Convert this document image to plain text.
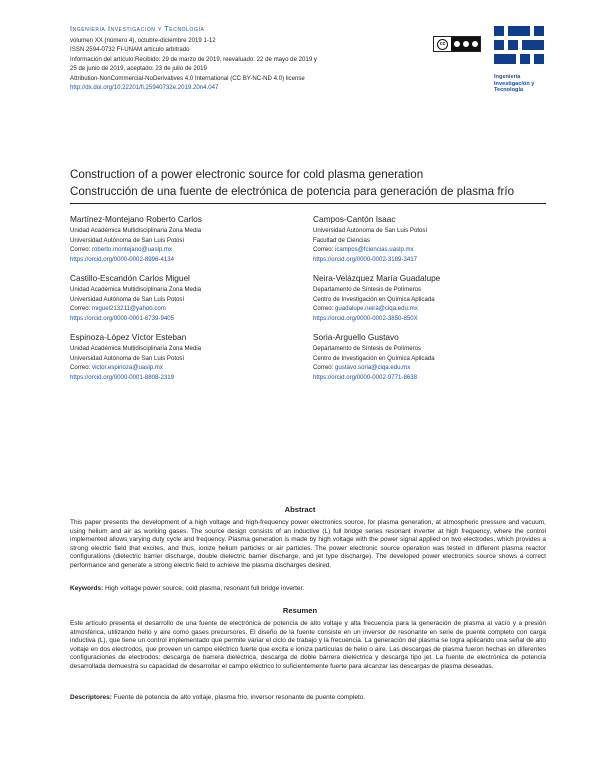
Ingeniería Investigación y Tecnología
volumen XX (número 4), octubre-diciembre 2019 1-12
ISSN 2594-0732 FI-UNAM artículo arbitrado
Información del artículo:Recibido: 29 de marzo de 2019, reevaluado: 22 de mayo de 2019 y
25 de junio de 2019, aceptado: 23 de julio de 2019
Attribution-NonCommercial-NoDerivatives 4.0 International (CC BY-NC-ND 4.0) license
http://dx.doi.org/10.22201/fi.25940732e.2019.20n4.047
cc
Ingeniería
Investigación y
Tecnología
Construction of a power electronic source for cold plasma generation
Construcción de una fuente de electrónica de potencia para generación de plasma frío
Martínez-Montejano Roberto Carlos
Unidad Académica Multidisciplinaria Zona Media
Universidad Autónoma de San Luis Potosí
Correo: roberto.montejano@uaslp.mx
https://orcid.org/0000-0002-8996-4134
Castillo-Escandón Carlos Miguel
Unidad Académica Multidisciplinaria Zona Media
Universidad Autónoma de San Luis Potosí
Correo: miguel213211@yahoo.com
https://orcid.org/0000-0001-6739-9405
Espinoza-López Víctor Esteban
Unidad Académica Multidisciplinaria Zona Media
Universidad Autónoma de San Luis Potosí
Correo: victor.espinoza@uaslp.mx
https://orcid.org/0000-0001-8808-2319
Campos-Cantón Isaac
Universidad Autónoma de San Luis Potosí
Facultad de Ciencias
Correo: icampos@fciencias.uaslp.mx
https://orcid.org/0000-0002-3189-3417
Neira-Velázquez María Guadalupe
Departamento de Síntesis de Polímeros
Centro de Investigación en Química Aplicada
Correo: guadalupe.neira@ciqa.edu.mx
https://orcid.org/0000-0002-3850-850X
Soria-Arguello Gustavo
Departamento de Síntesis de Polímeros
Centro de Investigación en Química Aplicada
Correo: gustavo.soria@ciqa.edu.mx
https://orcid.org/0000-0002-9771-8638
Abstract
This paper presents the development of a high voltage and high-frequency power electronics source, for plasma generation, at atmospheric pressure and vacuum, using helium and air as working gases. The source design consists of an inductive (L) full bridge series resonant inverter at high frequency, where the control implemented allows varying duty cycle and frequency. Plasma generation is made by high voltage with the power signal applied on two electrodes, which provides a strong electric field that excites, and thus, ionize helium particles or air particles. The power electronic source operation was tested in different plasma reactor configurations (dielectric barrier discharge, double dielectric barrier discharge, and jet type discharge). The developed power electronics source shows a correct performance and generate a strong electric field to achieve the plasma discharges desired.
Keywords: High voltage power source, cold plasma, resonant full bridge inverter.
Resumen
Este artículo presenta el desarrollo de una fuente de electrónica de potencia de alto voltaje y alta frecuencia para la generación de plasma al vacío y a presión atmosférica, utilizando helio y aire como gases precursores. El diseño de la fuente consiste en un inversor de resonante en serie de puente completo con carga inductiva (L), que tiene un control implementado que permite variar el ciclo de trabajo y la frecuencia. La generación del plasma se logra aplicando una señal de alto voltaje en dos electrodos, que proveen un campo eléctrico fuerte que excita e ioniza partículas de helio o aire. Las descargas de plasma fueron hechas en diferentes configuraciones de electrodos: descarga de barrera dieléctrica, descarga de doble barrera dieléctrica y descarga tipo jet. La fuente de electrónica de potencia desarrollada demuestra su capacidad de desarrollar el campo eléctrico lo suficientemente fuerte para alcanzar las descargas de plasma deseadas.
Descriptores: Fuente de potencia de alto voltaje, plasma frío, inversor resonante de puente completo.
